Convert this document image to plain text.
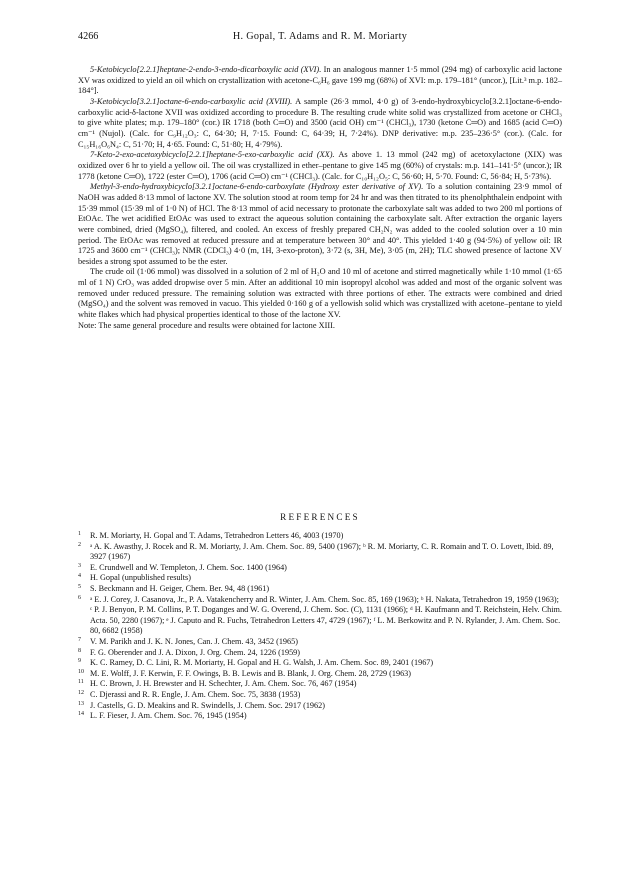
4266	H. Gopal, T. Adams and R. M. Moriarty

5-Ketobicyclo[2.2.1]heptane-2-endo-3-endo-dicarboxylic acid (XVI). In an analogous manner 1·5 mmol (294 mg) of carboxylic acid lactone XV was oxidized to yield an oil which on crystallization with acetone-C₆H₆ gave 199 mg (68%) of XVI: m.p. 179–181° (uncor.), [Lit.³ m.p. 182–184°].

3-Ketobicyclo[3.2.1]octane-6-endo-carboxylic acid (XVIII). A sample (26·3 mmol, 4·0 g) of 3-endo-hydroxybicyclo[3.2.1]octane-6-endo-carboxylic acid-δ-lactone XVII was oxidized according to procedure B. The resulting crude white solid was crystallized from acetone or CHCl₃ to give white plates; m.p. 179–180° (cor.) IR 1718 (both C═O) and 3500 (acid OH) cm⁻¹ (CHCl₃), 1730 (ketone C═O) and 1685 (acid C═O) cm⁻¹ (Nujol). (Calc. for C₉H₁₂O₃: C, 64·30; H, 7·15. Found: C, 64·39; H, 7·24%). DNP derivative: m.p. 235–236·5° (cor.). (Calc. for C₁₅H₁₆O₆N₄: C, 51·70; H, 4·65. Found: C, 51·80; H, 4·79%).

7-Keto-2-exo-acetoxybicyclo[2.2.1]heptane-5-exo-carboxylic acid (XX). As above 1. 13 mmol (242 mg) of acetoxylactone (XIX) was oxidized over 6 hr to yield a yellow oil. The oil was crystallized in ether–pentane to give 145 mg (60%) of crystals: m.p. 141–141·5° (uncor.); IR 1778 (ketone C═O), 1722 (ester C═O), 1706 (acid C═O) cm⁻¹ (CHCl₃). (Calc. for C₁₀H₁₂O₅: C, 56·60; H, 5·70. Found: C, 56·84; H, 5·73%).

Methyl-3-endo-hydroxybicyclo[3.2.1]octane-6-endo-carboxylate (Hydroxy ester derivative of XV). To a solution containing 23·9 mmol of NaOH was added 8·13 mmol of lactone XV. The solution stood at room temp for 24 hr and was then titrated to its phenolphthalein endpoint with 15·39 mmol (15·39 ml of 1·0 N) of HCl. The 8·13 mmol of acid necessary to protonate the carboxylate salt was added to two 200 ml portions of EtOAc. The wet acidified EtOAc was used to extract the aqueous solution containing the carboxylate salt. After extraction the organic layers were combined, dried (MgSO₄), filtered, and cooled. An excess of freshly prepared CH₂N₂ was added to the cooled solution over a 10 min period. The EtOAc was removed at reduced pressure and at temperature between 30° and 40°. This yielded 1·40 g (94·5%) of yellow oil: IR 1725 and 3600 cm⁻¹ (CHCl₃); NMR (CDCl₃) 4·0 (m, 1H, 3-exo-proton), 3·72 (s, 3H, Me), 3·05 (m, 2H); TLC showed presence of lactone XV besides a strong spot assumed to be the ester.

The crude oil (1·06 mmol) was dissolved in a solution of 2 ml of H₂O and 10 ml of acetone and stirred magnetically while 1·10 mmol (1·65 ml of 1 N) CrO₃ was added dropwise over 5 min. After an additional 10 min isopropyl alcohol was added and most of the organic solvent was removed under reduced pressure. The remaining solution was extracted with three portions of ether. The extracts were combined and dried (MgSO₄) and the solvent was removed in vacuo. This yielded 0·160 g of a yellowish solid which was crystallized with acetone–pentane to yield white flakes which had physical properties identical to those of the lactone XV.

Note: The same general procedure and results were obtained for lactone XIII.

REFERENCES
1	R. M. Moriarty, H. Gopal and T. Adams, Tetrahedron Letters 46, 4003 (1970)
2	ᵃ A. K. Awasthy, J. Rocek and R. M. Moriarty, J. Am. Chem. Soc. 89, 5400 (1967); ᵇ R. M. Moriarty, C. R. Romain and T. O. Lovett, Ibid. 89, 3927 (1967)
3	E. Crundwell and W. Templeton, J. Chem. Soc. 1400 (1964)
4	H. Gopal (unpublished results)
5	S. Beckmann and H. Geiger, Chem. Ber. 94, 48 (1961)
6	ᵃ E. J. Corey, J. Casanova, Jr., P. A. Vatakencherry and R. Winter, J. Am. Chem. Soc. 85, 169 (1963); ᵇ H. Nakata, Tetrahedron 19, 1959 (1963); ᶜ P. J. Benyon, P. M. Collins, P. T. Doganges and W. G. Overend, J. Chem. Soc. (C), 1131 (1966); ᵈ H. Kaufmann and T. Reichstein, Helv. Chim. Acta. 50, 2280 (1967); ᵉ J. Caputo and R. Fuchs, Tetrahedron Letters 47, 4729 (1967); ᶠ L. M. Berkowitz and P. N. Rylander, J. Am. Chem. Soc. 80, 6682 (1958)
7	V. M. Parikh and J. K. N. Jones, Can. J. Chem. 43, 3452 (1965)
8	F. G. Oberender and J. A. Dixon, J. Org. Chem. 24, 1226 (1959)
9	K. C. Ramey, D. C. Lini, R. M. Moriarty, H. Gopal and H. G. Walsh, J. Am. Chem. Soc. 89, 2401 (1967)
10 M. E. Wolff, J. F. Kerwin, F. F. Owings, B. B. Lewis and B. Blank, J. Org. Chem. 28, 2729 (1963)
11 H. C. Brown, J. H. Brewster and H. Schechter, J. Am. Chem. Soc. 76, 467 (1954)
12 C. Djerassi and R. R. Engle, J. Am. Chem. Soc. 75, 3838 (1953)
13 J. Castells, G. D. Meakins and R. Swindells, J. Chem. Soc. 2917 (1962)
14 L. F. Fieser, J. Am. Chem. Soc. 76, 1945 (1954)
